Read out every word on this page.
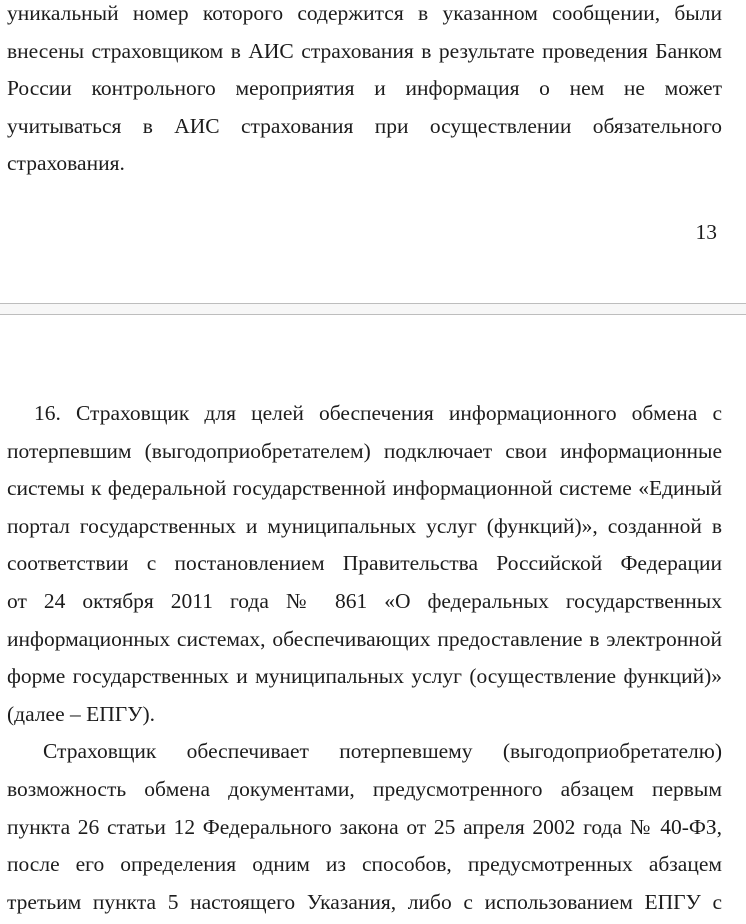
уникальный номер которого содержится в указанном сообщении, были
внесены страховщиком в АИС страхования в результате проведения Банком
России контрольного мероприятия и информация о нем не может
учитываться в АИС страхования при осуществлении обязательного
страхования.
13
16. Страховщик для целей обеспечения информационного обмена с
потерпевшим (выгодоприобретателем) подключает свои информационные
системы к федеральной государственной информационной системе «Единый
портал государственных и муниципальных услуг (функций)», созданной в
соответствии с постановлением Правительства Российской Федерации
от 24 октября 2011 года № 861 «О федеральных государственных
информационных системах, обеспечивающих предоставление в электронной
форме государственных и муниципальных услуг (осуществление функций)»
(далее – ЕПГУ).
Страховщик обеспечивает потерпевшему (выгодоприобретателю)
возможность обмена документами, предусмотренного абзацем первым
пункта 26 статьи 12 Федерального закона от 25 апреля 2002 года № 40-ФЗ,
после его определения одним из способов, предусмотренных абзацем
третьим пункта 5 настоящего Указания, либо с использованием ЕПГУ с
